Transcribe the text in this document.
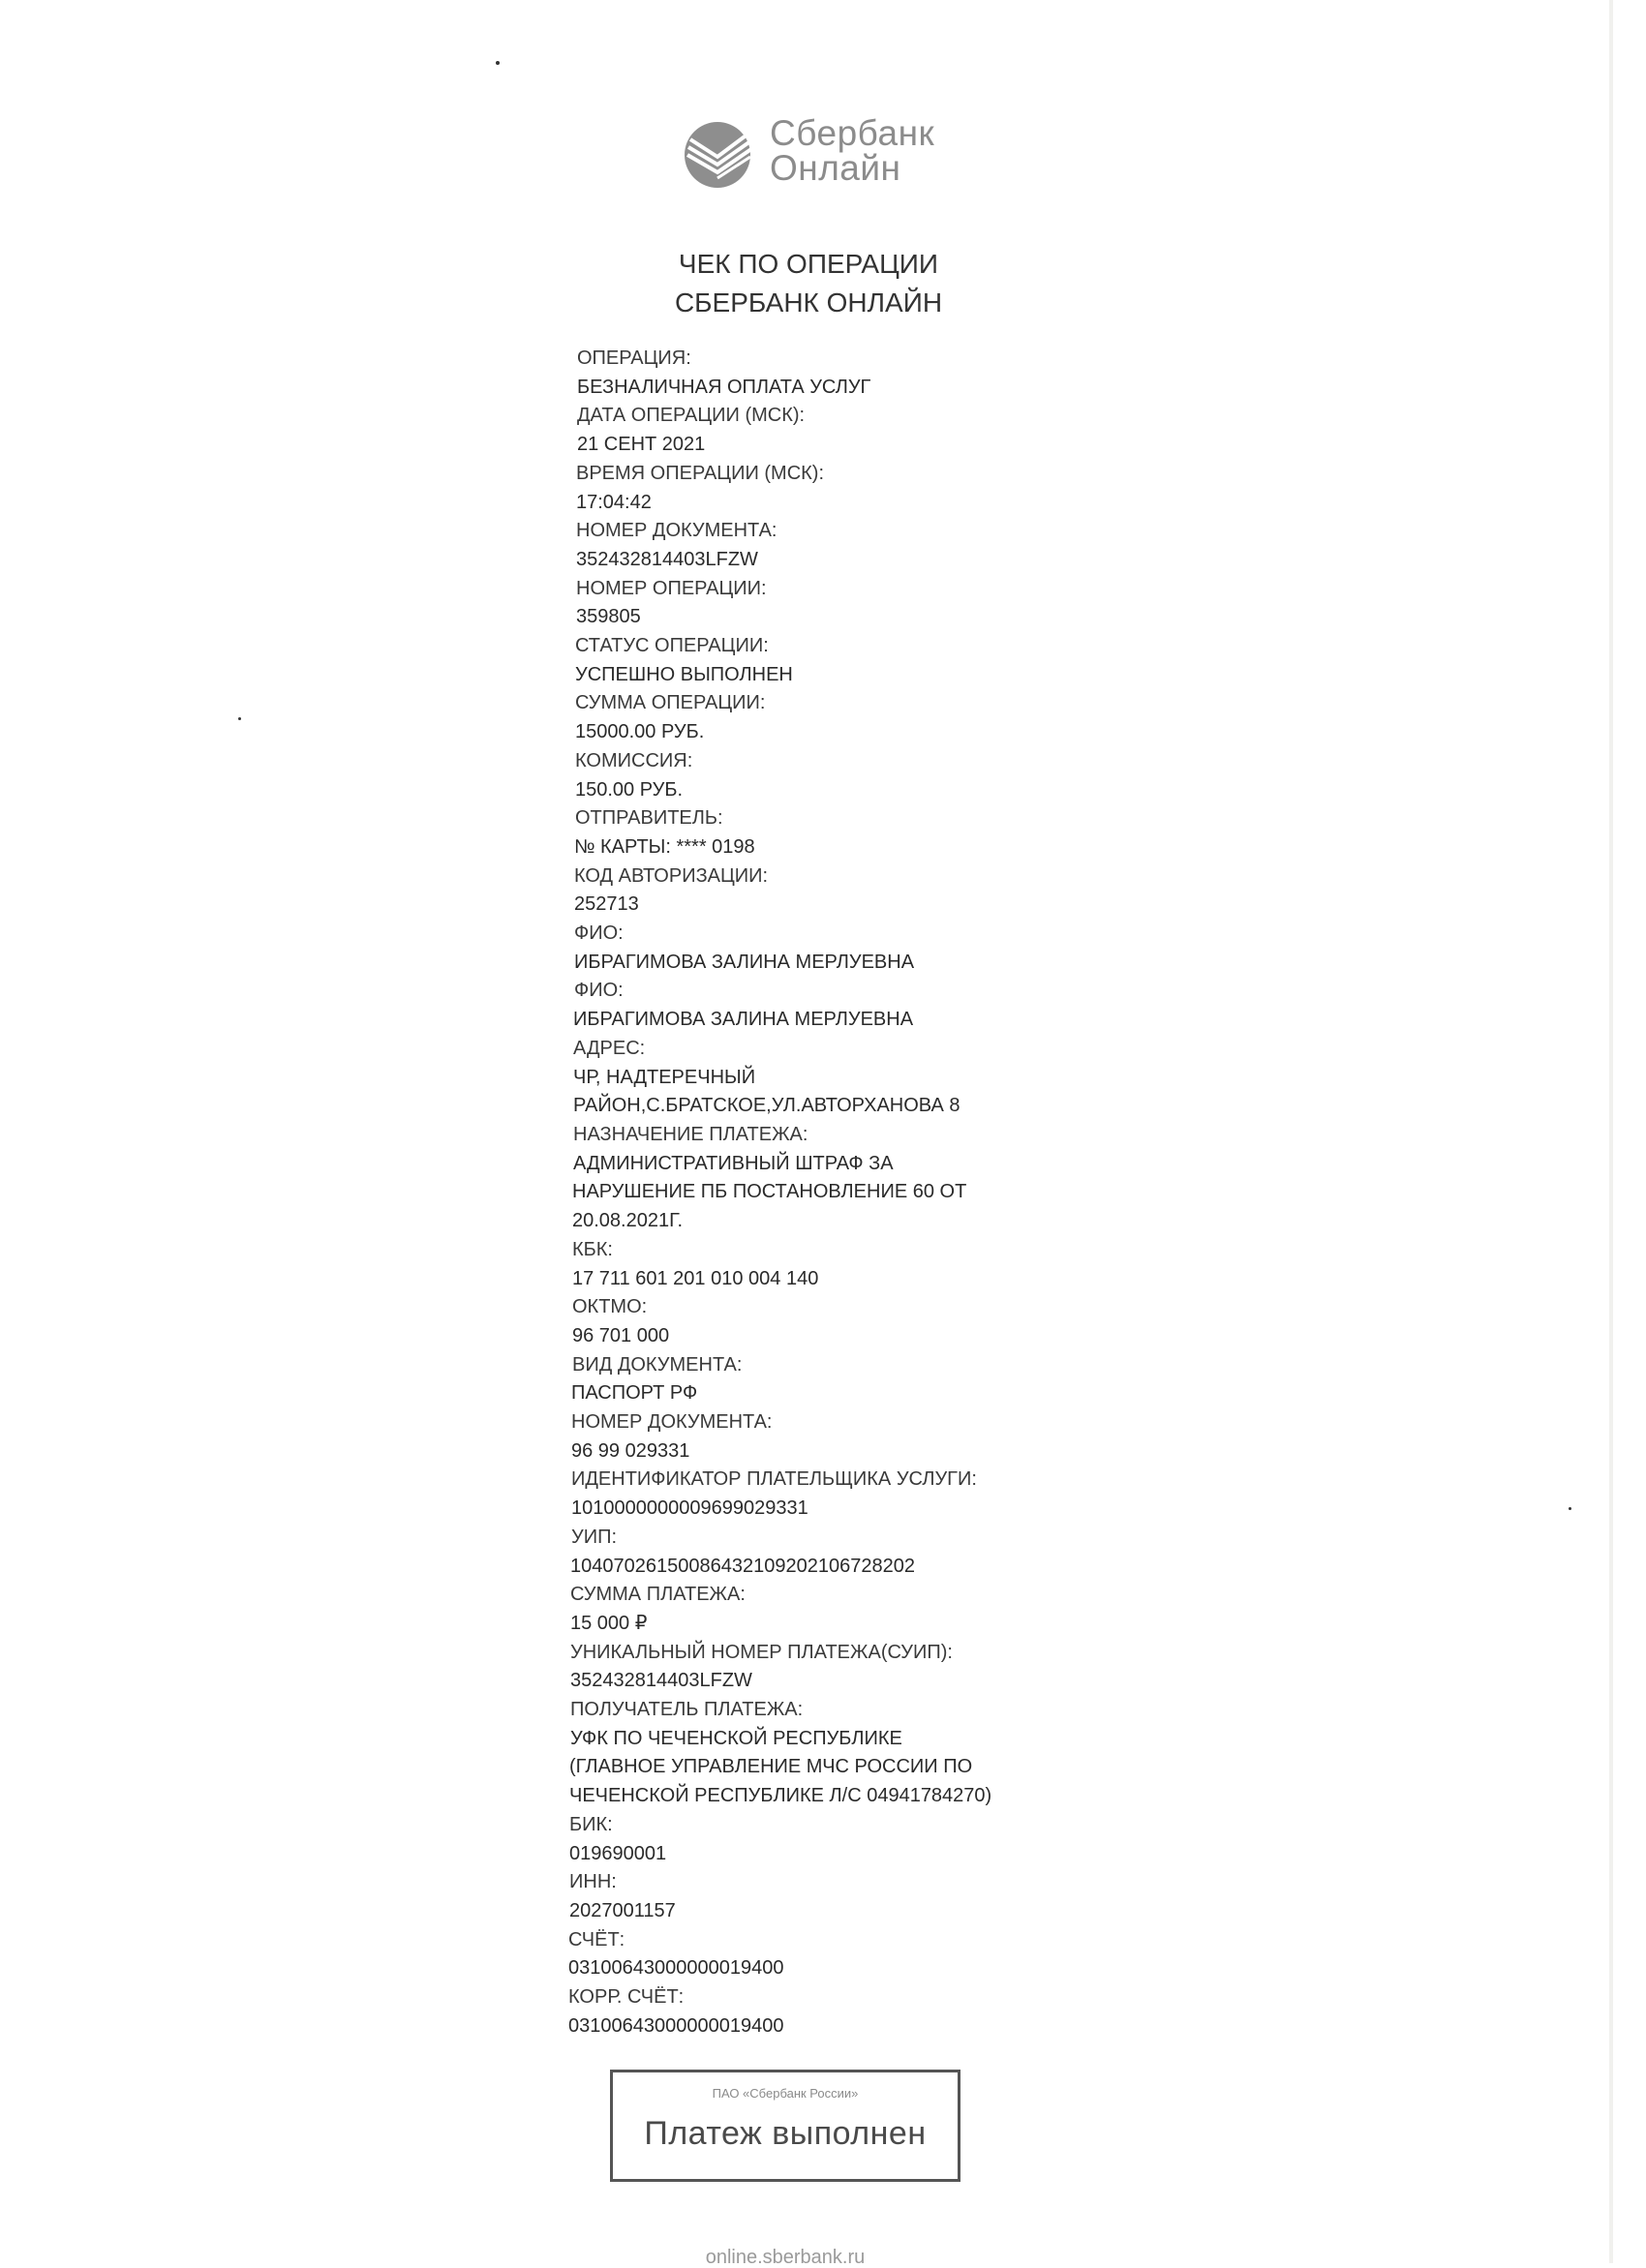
Сбербанк
Онлайн
ЧЕК ПО ОПЕРАЦИИ
СБЕРБАНК ОНЛАЙН
ОПЕРАЦИЯ:
БЕЗНАЛИЧНАЯ ОПЛАТА УСЛУГ
ДАТА ОПЕРАЦИИ (МСК):
21 СЕНТ 2021
ВРЕМЯ ОПЕРАЦИИ (МСК):
17:04:42
НОМЕР ДОКУМЕНТА:
352432814403LFZW
НОМЕР ОПЕРАЦИИ:
359805
СТАТУС ОПЕРАЦИИ:
УСПЕШНО ВЫПОЛНЕН
СУММА ОПЕРАЦИИ:
15000.00 РУБ.
КОМИССИЯ:
150.00 РУБ.
ОТПРАВИТЕЛЬ:
№ КАРТЫ: **** 0198
КОД АВТОРИЗАЦИИ:
252713
ФИО:
ИБРАГИМОВА ЗАЛИНА МЕРЛУЕВНА
ФИО:
ИБРАГИМОВА ЗАЛИНА МЕРЛУЕВНА
АДРЕС:
ЧР, НАДТЕРЕЧНЫЙ
РАЙОН,С.БРАТСКОЕ,УЛ.АВТОРХАНОВА 8
НАЗНАЧЕНИЕ ПЛАТЕЖА:
АДМИНИСТРАТИВНЫЙ ШТРАФ ЗА
НАРУШЕНИЕ ПБ ПОСТАНОВЛЕНИЕ 60 ОТ
20.08.2021Г.
КБК:
17 711 601 201 010 004 140
ОКТМО:
96 701 000
ВИД ДОКУМЕНТА:
ПАСПОРТ РФ
НОМЕР ДОКУМЕНТА:
96 99 029331
ИДЕНТИФИКАТОР ПЛАТЕЛЬЩИКА УСЛУГИ:
1010000000009699029331
УИП:
10407026150086432109202106728202
СУММА ПЛАТЕЖА:
15 000 ₽
УНИКАЛЬНЫЙ НОМЕР ПЛАТЕЖА(СУИП):
352432814403LFZW
ПОЛУЧАТЕЛЬ ПЛАТЕЖА:
УФК ПО ЧЕЧЕНСКОЙ РЕСПУБЛИКЕ
(ГЛАВНОЕ УПРАВЛЕНИЕ МЧС РОССИИ ПО
ЧЕЧЕНСКОЙ РЕСПУБЛИКЕ Л/С 04941784270)
БИК:
019690001
ИНН:
2027001157
СЧЁТ:
03100643000000019400
КОРР. СЧЁТ:
03100643000000019400
ПАО «Сбербанк России»
Платеж выполнен
online.sberbank.ru
